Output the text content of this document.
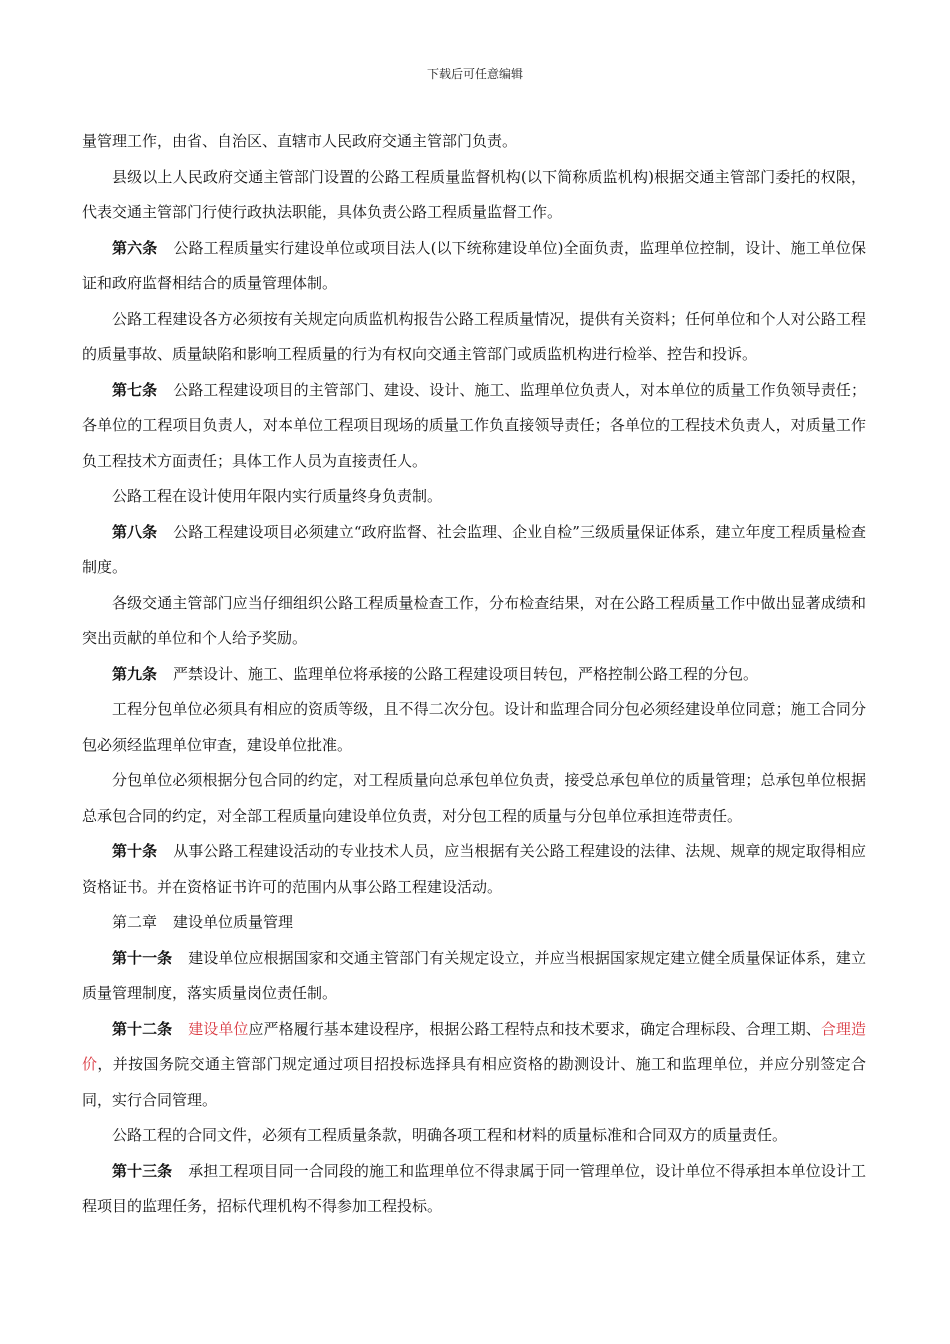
下载后可任意编辑

量管理工作，由省、自治区、直辖市人民政府交通主管部门负责。

县级以上人民政府交通主管部门设置的公路工程质量监督机构(以下简称质监机构)根据交通主管部门委托的权限，代表交通主管部门行使行政执法职能，具体负责公路工程质量监督工作。

第六条 公路工程质量实行建设单位或项目法人(以下统称建设单位)全面负责，监理单位控制，设计、施工单位保证和政府监督相结合的质量管理体制。

公路工程建设各方必须按有关规定向质监机构报告公路工程质量情况，提供有关资料；任何单位和个人对公路工程的质量事故、质量缺陷和影响工程质量的行为有权向交通主管部门或质监机构进行检举、控告和投诉。

第七条 公路工程建设项目的主管部门、建设、设计、施工、监理单位负责人，对本单位的质量工作负领导责任；各单位的工程项目负责人，对本单位工程项目现场的质量工作负直接领导责任；各单位的工程技术负责人，对质量工作负工程技术方面责任；具体工作人员为直接责任人。

公路工程在设计使用年限内实行质量终身负责制。

第八条 公路工程建设项目必须建立“政府监督、社会监理、企业自检”三级质量保证体系，建立年度工程质量检查制度。

各级交通主管部门应当仔细组织公路工程质量检查工作，分布检查结果，对在公路工程质量工作中做出显著成绩和突出贡献的单位和个人给予奖励。

第九条 严禁设计、施工、监理单位将承接的公路工程建设项目转包，严格控制公路工程的分包。

工程分包单位必须具有相应的资质等级，且不得二次分包。设计和监理合同分包必须经建设单位同意；施工合同分包必须经监理单位审查，建设单位批准。

分包单位必须根据分包合同的约定，对工程质量向总承包单位负责，接受总承包单位的质量管理；总承包单位根据总承包合同的约定，对全部工程质量向建设单位负责，对分包工程的质量与分包单位承担连带责任。

第十条 从事公路工程建设活动的专业技术人员，应当根据有关公路工程建设的法律、法规、规章的规定取得相应资格证书。并在资格证书许可的范围内从事公路工程建设活动。

第二章 建设单位质量管理

第十一条 建设单位应根据国家和交通主管部门有关规定设立，并应当根据国家规定建立健全质量保证体系，建立质量管理制度，落实质量岗位责任制。

第十二条 建设单位应严格履行基本建设程序，根据公路工程特点和技术要求，确定合理标段、合理工期、合理造价，并按国务院交通主管部门规定通过项目招投标选择具有相应资格的勘测设计、施工和监理单位，并应分别签定合同，实行合同管理。

公路工程的合同文件，必须有工程质量条款，明确各项工程和材料的质量标准和合同双方的质量责任。

第十三条 承担工程项目同一合同段的施工和监理单位不得隶属于同一管理单位，设计单位不得承担本单位设计工程项目的监理任务，招标代理机构不得参加工程投标。
